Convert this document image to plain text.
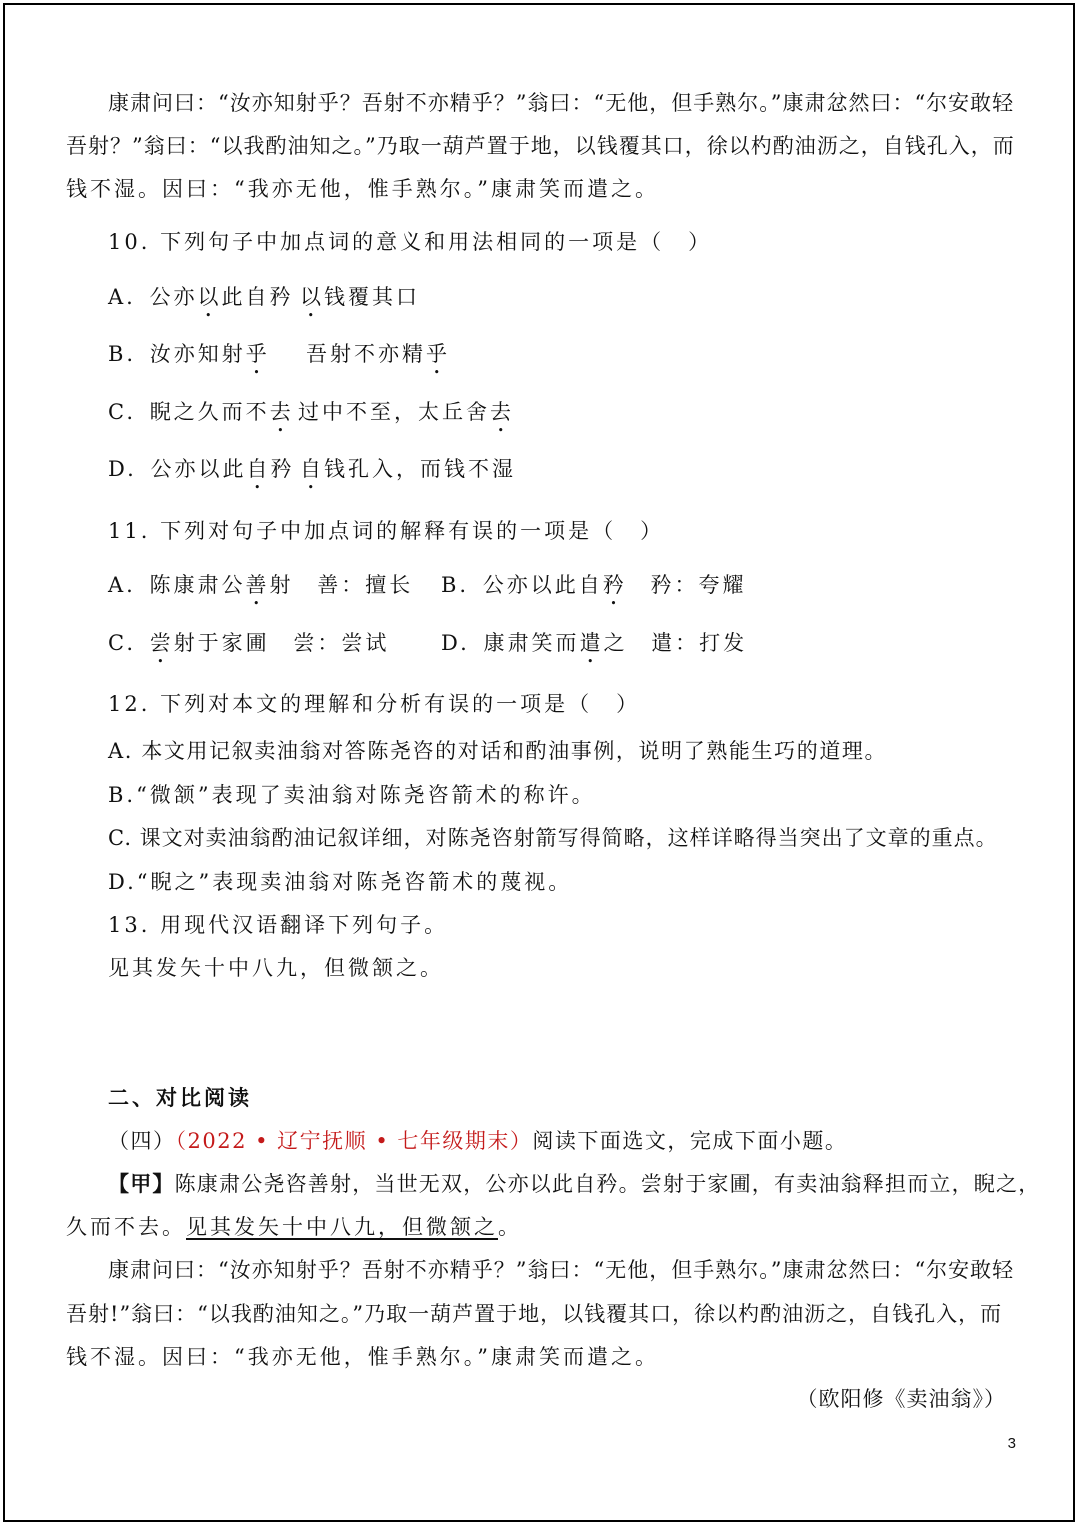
康肃问曰：“汝亦知射乎？吾射不亦精乎？”翁曰：“无他，但手熟尔。”康肃忿然曰：“尔安敢轻
吾射？”翁曰：“以我酌油知之。”乃取一葫芦置于地，以钱覆其口，徐以杓酌油沥之，自钱孔入，而
钱不湿。因曰：“我亦无他，惟手熟尔。”康肃笑而遣之。
10. 下列句子中加点词的意义和用法相同的一项是（　）
A. 公亦以此自矜 以钱覆其口
B. 汝亦知射乎 吾射不亦精乎
C. 睨之久而不去 过中不至，太丘舍去
D. 公亦以此自矜 自钱孔入，而钱不湿
11. 下列对句子中加点词的解释有误的一项是（　）
A. 陈康肃公善射 善：擅长 B. 公亦以此自矜 矜：夸耀
C. 尝射于家圃 尝：尝试 D. 康肃笑而遣之 遣：打发
12. 下列对本文的理解和分析有误的一项是（　）
A. 本文用记叙卖油翁对答陈尧咨的对话和酌油事例，说明了熟能生巧的道理。
B.“微颔”表现了卖油翁对陈尧咨箭术的称许。
C. 课文对卖油翁酌油记叙详细，对陈尧咨射箭写得简略，这样详略得当突出了文章的重点。
D.“睨之”表现卖油翁对陈尧咨箭术的蔑视。
13. 用现代汉语翻译下列句子。
见其发矢十中八九，但微颔之。
二、对比阅读
（四）（2022 • 辽宁抚顺 • 七年级期末）阅读下面选文，完成下面小题。
【甲】陈康肃公尧咨善射，当世无双，公亦以此自矜。尝射于家圃，有卖油翁释担而立，睨之，
久而不去。见其发矢十中八九，但微颔之。
康肃问曰：“汝亦知射乎？吾射不亦精乎？”翁曰：“无他，但手熟尔。”康肃忿然曰：“尔安敢轻
吾射!”翁曰：“以我酌油知之。”乃取一葫芦置于地，以钱覆其口，徐以杓酌油沥之，自钱孔入，而
钱不湿。因曰：“我亦无他，惟手熟尔。”康肃笑而遣之。
（欧阳修《卖油翁》）
3
